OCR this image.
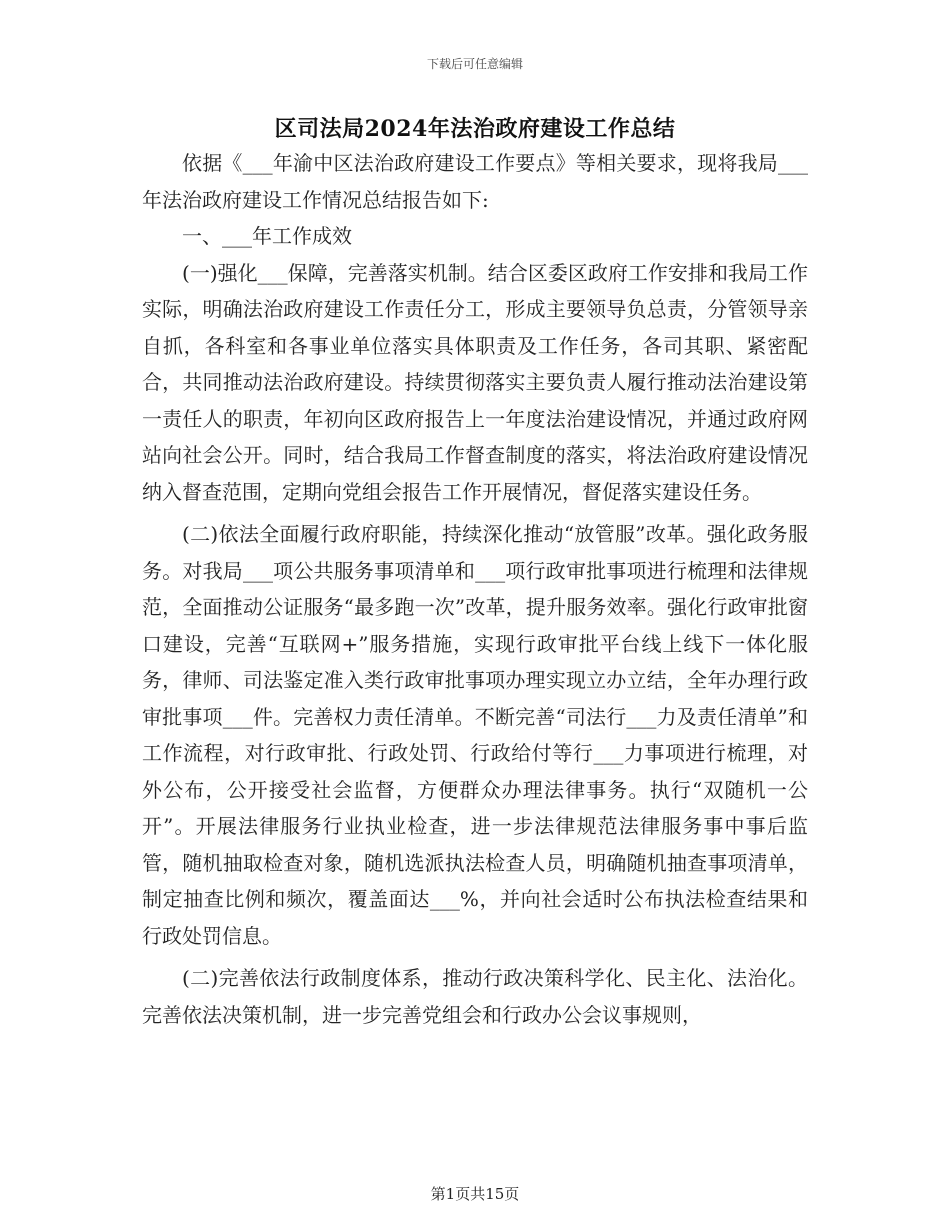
下载后可任意编辑
区司法局2024年法治政府建设工作总结

依据《___年渝中区法治政府建设工作要点》等相关要求，现将我局___年法治政府建设工作情况总结报告如下:

一、___年工作成效

(一)强化___保障，完善落实机制。结合区委区政府工作安排和我局工作实际，明确法治政府建设工作责任分工，形成主要领导负总责，分管领导亲自抓，各科室和各事业单位落实具体职责及工作任务，各司其职、紧密配合，共同推动法治政府建设。持续贯彻落实主要负责人履行推动法治建设第一责任人的职责，年初向区政府报告上一年度法治建设情况，并通过政府网站向社会公开。同时，结合我局工作督查制度的落实，将法治政府建设情况纳入督查范围，定期向党组会报告工作开展情况，督促落实建设任务。

(二)依法全面履行政府职能，持续深化推动“放管服”改革。强化政务服务。对我局___项公共服务事项清单和___项行政审批事项进行梳理和法律规范，全面推动公证服务“最多跑一次”改革，提升服务效率。强化行政审批窗口建设，完善“互联网+”服务措施，实现行政审批平台线上线下一体化服务，律师、司法鉴定准入类行政审批事项办理实现立办立结，全年办理行政审批事项___件。完善权力责任清单。不断完善“司法行___力及责任清单”和工作流程，对行政审批、行政处罚、行政给付等行___力事项进行梳理，对外公布，公开接受社会监督，方便群众办理法律事务。执行“双随机一公开”。开展法律服务行业执业检查，进一步法律规范法律服务事中事后监管，随机抽取检查对象，随机选派执法检查人员，明确随机抽查事项清单，制定抽查比例和频次，覆盖面达___%，并向社会适时公布执法检查结果和行政处罚信息。

(二)完善依法行政制度体系，推动行政决策科学化、民主化、法治化。完善依法决策机制，进一步完善党组会和行政办公会议事规则，

第1页共15页
